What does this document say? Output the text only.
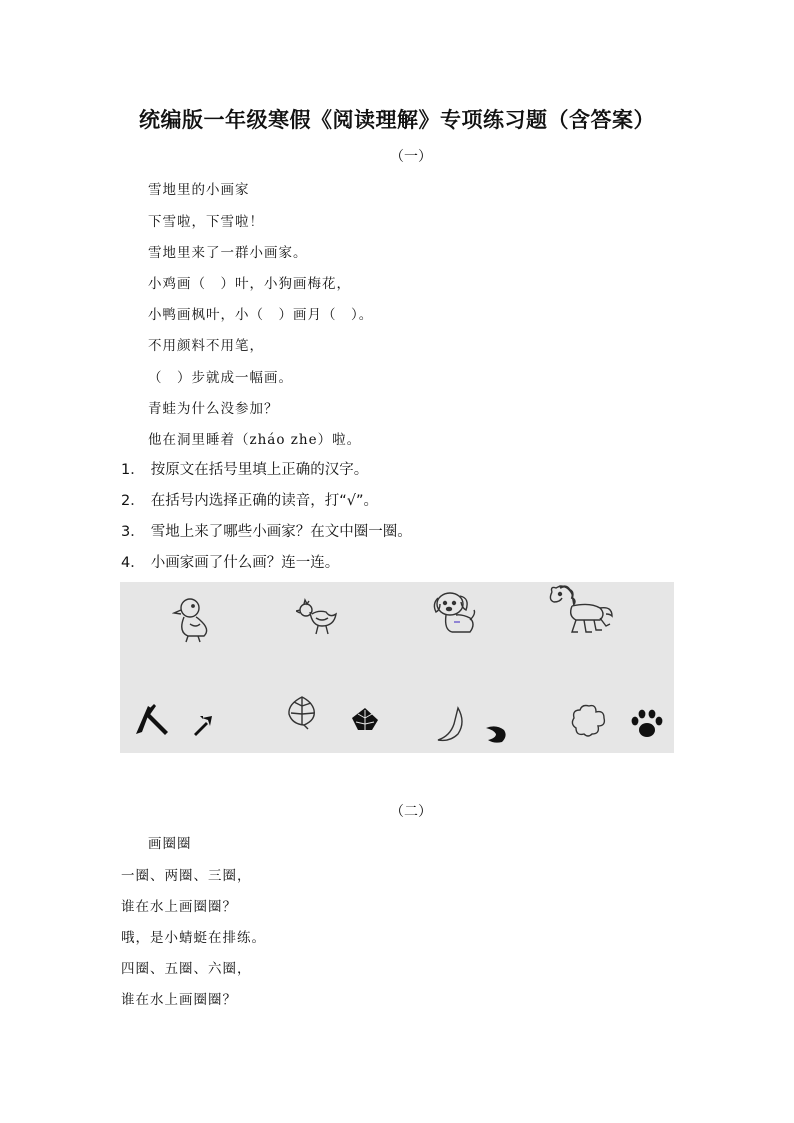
统编版一年级寒假《阅读理解》专项练习题（含答案）
（一）
雪地里的小画家
下雪啦，下雪啦！
雪地里来了一群小画家。
小鸡画（　）叶，小狗画梅花，
小鸭画枫叶，小（　）画月（　）。
不用颜料不用笔，
（　）步就成一幅画。
青蛙为什么没参加？
他在洞里睡着（zháo zhe）啦。
1． 按原文在括号里填上正确的汉字。
2． 在括号内选择正确的读音，打“√”。
3． 雪地上来了哪些小画家？在文中圈一圈。
4． 小画家画了什么画？连一连。
（二）
画圈圈
一圈、两圈、三圈，
谁在水上画圈圈？
哦，是小蜻蜓在排练。
四圈、五圈、六圈，
谁在水上画圈圈？
